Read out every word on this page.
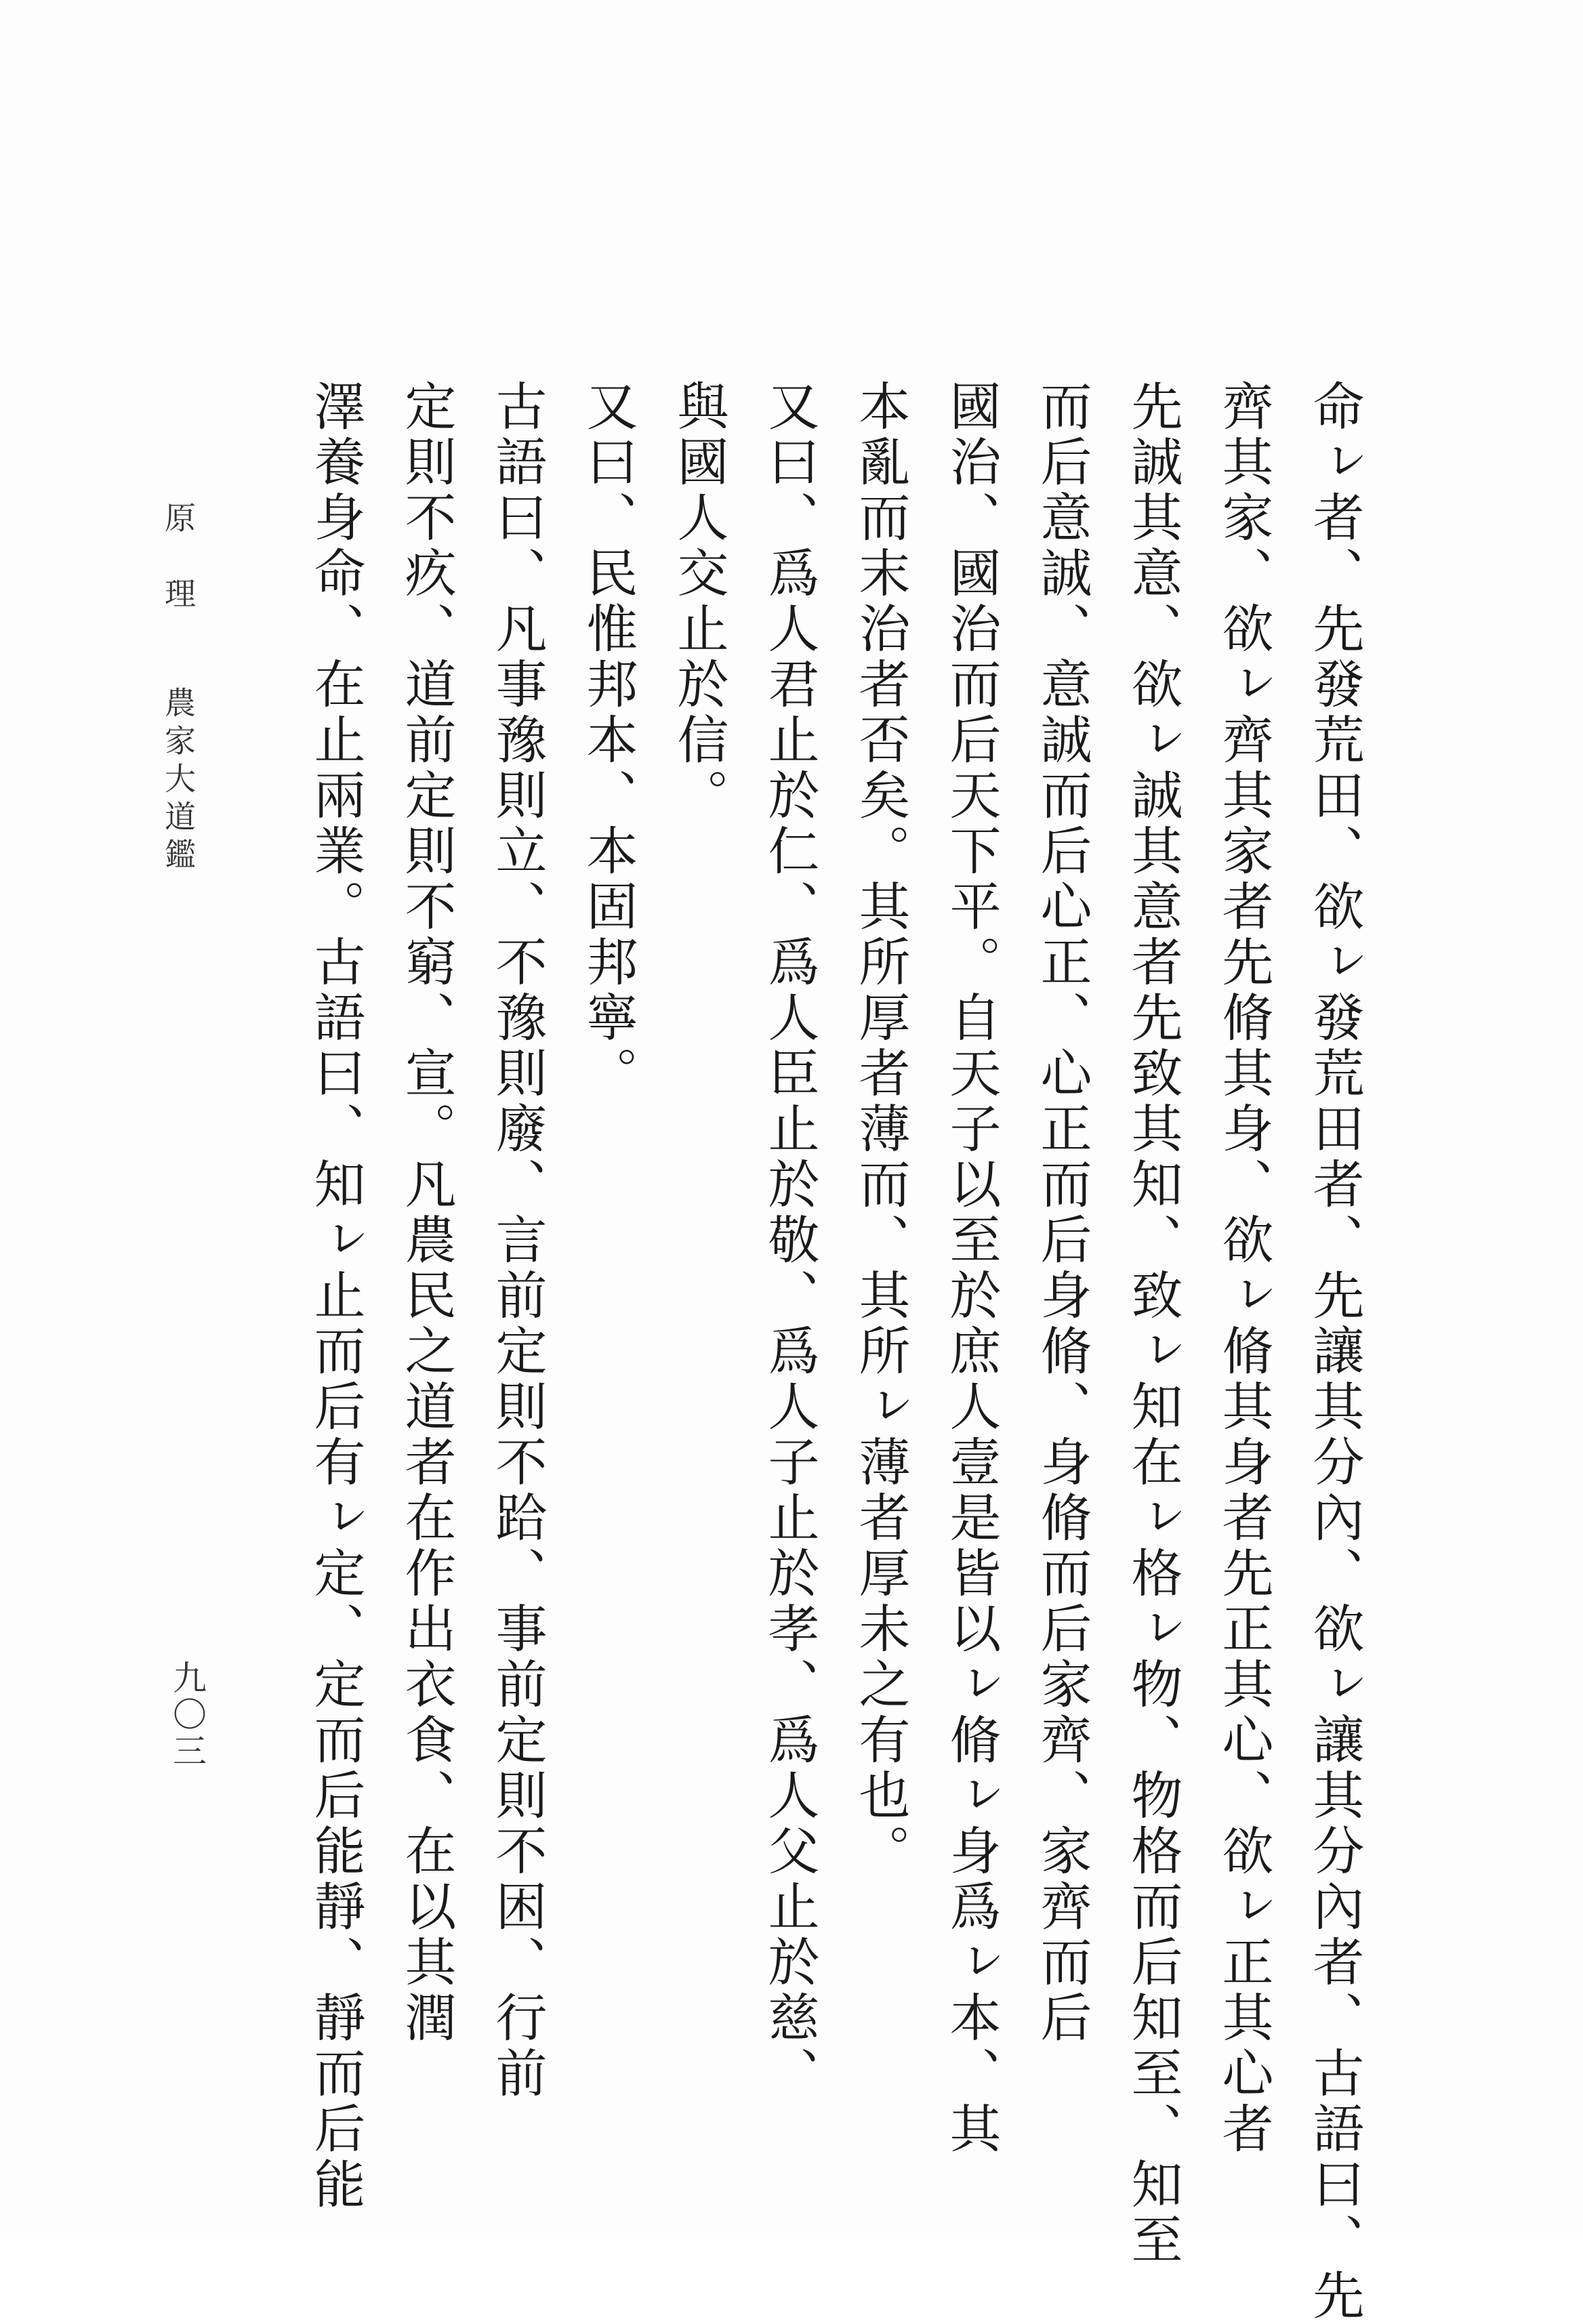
命ㇾ者、先發荒田、欲ㇾ發荒田者、先讓其分內、欲ㇾ讓其分內者、古語曰、先
齊其家、欲ㇾ齊其家者先脩其身、欲ㇾ脩其身者先正其心、欲ㇾ正其心者
先誠其意、欲ㇾ誠其意者先致其知、致ㇾ知在ㇾ格ㇾ物、物格而后知至、知至
而后意誠、意誠而后心正、心正而后身脩、身脩而后家齊、家齊而后
國治、國治而后天下平。自天子以至於庶人壹是皆以ㇾ脩ㇾ身爲ㇾ本、其
本亂而末治者否矣。其所厚者薄而、其所ㇾ薄者厚未之有也。
又曰、爲人君止於仁、爲人臣止於敬、爲人子止於孝、爲人父止於慈、
與國人交止於信。
又曰、民惟邦本、本固邦寧。
古語曰、凡事豫則立、不豫則廢、言前定則不跲、事前定則不困、行前
定則不疚、道前定則不窮、宣。凡農民之道者在作出衣食、在以其潤
澤養身命、在止兩業。古語曰、知ㇾ止而后有ㇾ定、定而后能靜、靜而后能
原　理 農家大道鑑
九〇三
